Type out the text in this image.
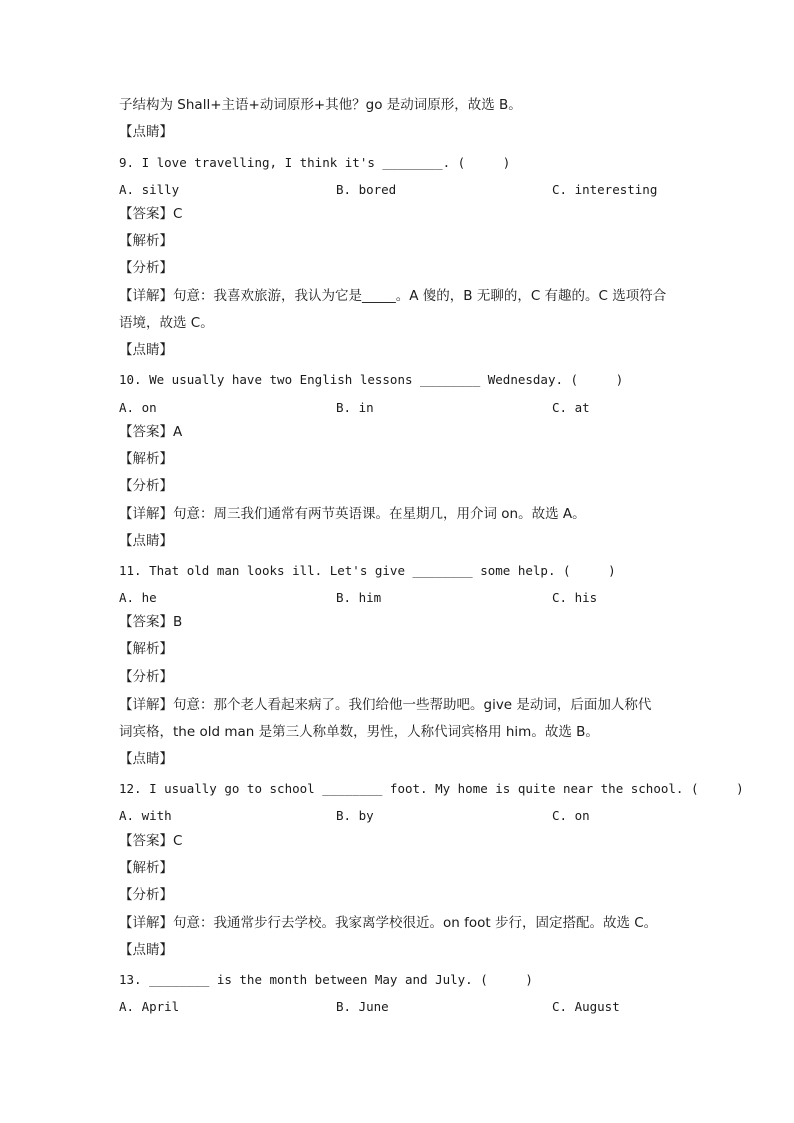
子结构为 Shall+主语+动词原形+其他？go 是动词原形，故选 B。
【点睛】
9. I love travelling, I think it's ________. (     )
A. silly	B. bored	C. interesting
【答案】C
【解析】
【分析】
【详解】句意：我喜欢旅游，我认为它是_____。A 傻的，B 无聊的，C 有趣的。C 选项符合
语境，故选 C。
【点睛】
10. We usually have two English lessons ________ Wednesday. (     )
A. on	B. in	C. at
【答案】A
【解析】
【分析】
【详解】句意：周三我们通常有两节英语课。在星期几，用介词 on。故选 A。
【点睛】
11. That old man looks ill. Let's give ________ some help. (     )
A. he	B. him	C. his
【答案】B
【解析】
【分析】
【详解】句意：那个老人看起来病了。我们给他一些帮助吧。give 是动词，后面加人称代
词宾格，the old man 是第三人称单数，男性，人称代词宾格用 him。故选 B。
【点睛】
12. I usually go to school ________ foot. My home is quite near the school. (     )
A. with	B. by	C. on
【答案】C
【解析】
【分析】
【详解】句意：我通常步行去学校。我家离学校很近。on foot 步行，固定搭配。故选 C。
【点睛】
13. ________ is the month between May and July. (     )
A. April	B. June	C. August
